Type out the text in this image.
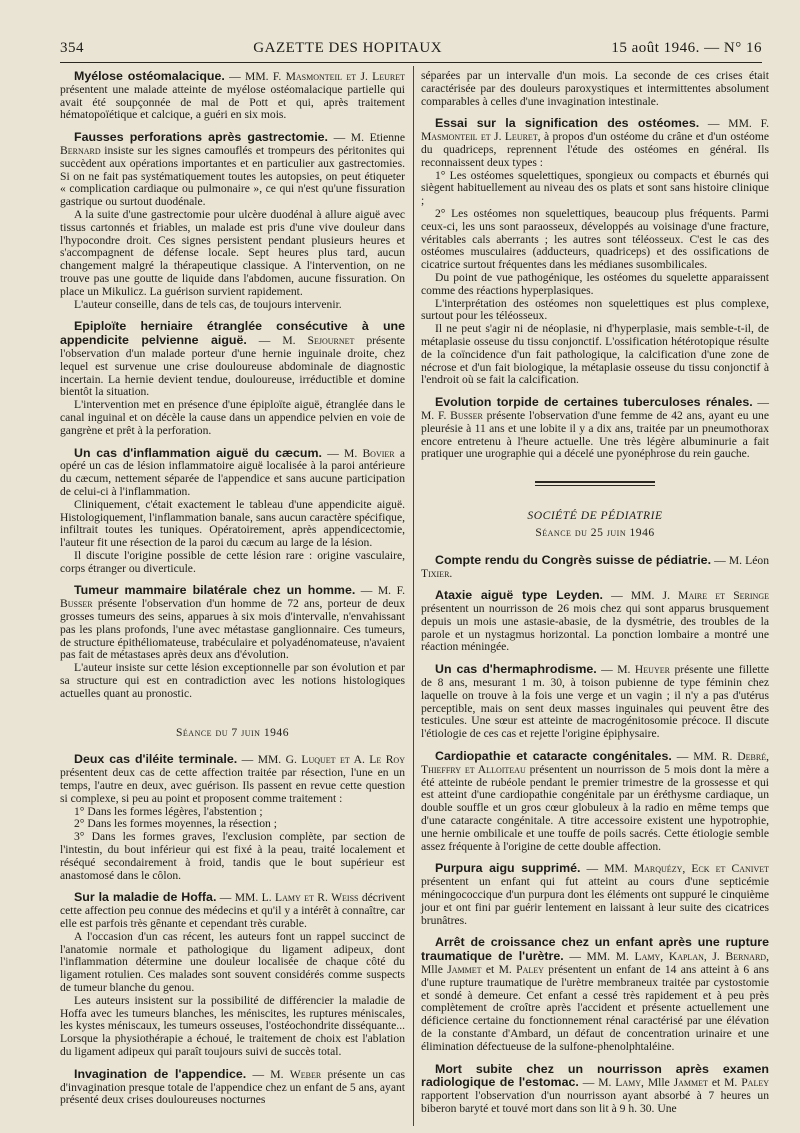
354	GAZETTE DES HOPITAUX	15 août 1946. — N° 16

Myélose ostéomalacique. — MM. F. Masmonteil et J. Leuret présentent une malade atteinte de myélose ostéomalacique partielle qui avait été soupçonnée de mal de Pott et qui, après traitement hématopoïétique et calcique, a guéri en six mois.

Fausses perforations après gastrectomie. — M. Etienne Bernard insiste sur les signes camouflés et trompeurs des péritonites qui succèdent aux opérations importantes et en particulier aux gastrectomies. Si on ne fait pas systématiquement toutes les autopsies, on peut étiqueter « complication cardiaque ou pulmonaire », ce qui n'est qu'une fissuration gastrique ou surtout duodénale.

A la suite d'une gastrectomie pour ulcère duodénal à allure aiguë avec tissus cartonnés et friables, un malade est pris d'une vive douleur dans l'hypocondre droit. Ces signes persistent pendant plusieurs heures et s'accompagnent de défense locale. Sept heures plus tard, aucun changement malgré la thérapeutique classique. A l'intervention, on ne trouve pas une goutte de liquide dans l'abdomen, aucune fissuration. On place un Mikulicz. La guérison survient rapidement.

L'auteur conseille, dans de tels cas, de toujours intervenir.

Epiploïte herniaire étranglée consécutive à une appendicite pelvienne aiguë. — M. Sejournet présente l'observation d'un malade porteur d'une hernie inguinale droite, chez lequel est survenue une crise douloureuse abdominale de diagnostic incertain. La hernie devient tendue, douloureuse, irréductible et domine bientôt la situation.

L'intervention met en présence d'une épiploïte aiguë, étranglée dans le canal inguinal et on décèle la cause dans un appendice pelvien en voie de gangrène et prêt à la perforation.

Un cas d'inflammation aiguë du cæcum. — M. Bovier a opéré un cas de lésion inflammatoire aiguë localisée à la paroi antérieure du cæcum, nettement séparée de l'appendice et sans aucune participation de celui-ci à l'inflammation.

Cliniquement, c'était exactement le tableau d'une appendicite aiguë. Histologiquement, l'inflammation banale, sans aucun caractère spécifique, infiltrait toutes les tuniques. Opératoirement, après appendicectomie, l'auteur fit une résection de la paroi du cæcum au large de la lésion.

Il discute l'origine possible de cette lésion rare : origine vasculaire, corps étranger ou diverticule.

Tumeur mammaire bilatérale chez un homme. — M. F. Busser présente l'observation d'un homme de 72 ans, porteur de deux grosses tumeurs des seins, apparues à six mois d'intervalle, n'envahissant pas les plans profonds, l'une avec métastase ganglionnaire. Ces tumeurs, de structure épithéliomateuse, trabéculaire et polyadénomateuse, n'avaient pas fait de métastases après deux ans d'évolution.

L'auteur insiste sur cette lésion exceptionnelle par son évolution et par sa structure qui est en contradiction avec les notions histologiques actuelles quant au pronostic.

Séance du 7 juin 1946

Deux cas d'iléite terminale. — MM. G. Luquet et A. Le Roy présentent deux cas de cette affection traitée par résection, l'une en un temps, l'autre en deux, avec guérison. Ils passent en revue cette question si complexe, si peu au point et proposent comme traitement :

1° Dans les formes légères, l'abstention ;

2° Dans les formes moyennes, la résection ;

3° Dans les formes graves, l'exclusion complète, par section de l'intestin, du bout inférieur qui est fixé à la peau, traité localement et réséqué secondairement à froid, tandis que le bout supérieur est anastomosé dans le côlon.

Sur la maladie de Hoffa. — MM. L. Lamy et R. Weiss décrivent cette affection peu connue des médecins et qu'il y a intérêt à connaître, car elle est parfois très gênante et cependant très curable.

A l'occasion d'un cas récent, les auteurs font un rappel succinct de l'anatomie normale et pathologique du ligament adipeux, dont l'inflammation détermine une douleur localisée de chaque côté du ligament rotulien. Ces malades sont souvent considérés comme suspects de tumeur blanche du genou.

Les auteurs insistent sur la possibilité de différencier la maladie de Hoffa avec les tumeurs blanches, les méniscites, les ruptures méniscales, les kystes méniscaux, les tumeurs osseuses, l'ostéochondrite disséquante... Lorsque la physiothérapie a échoué, le traitement de choix est l'ablation du ligament adipeux qui paraît toujours suivi de succès total.

Invagination de l'appendice. — M. Weber présente un cas d'invagination presque totale de l'appendice chez un enfant de 5 ans, ayant présenté deux crises douloureuses nocturnes

séparées par un intervalle d'un mois. La seconde de ces crises était caractérisée par des douleurs paroxystiques et intermittentes absolument comparables à celles d'une invagination intestinale.

Essai sur la signification des ostéomes. — MM. F. Masmonteil et J. Leuret, à propos d'un ostéome du crâne et d'un ostéome du quadriceps, reprennent l'étude des ostéomes en général. Ils reconnaissent deux types :

1° Les ostéomes squelettiques, spongieux ou compacts et éburnés qui siègent habituellement au niveau des os plats et sont sans histoire clinique ;

2° Les ostéomes non squelettiques, beaucoup plus fréquents. Parmi ceux-ci, les uns sont paraosseux, développés au voisinage d'une fracture, véritables cals aberrants ; les autres sont téléosseux. C'est le cas des ostéomes musculaires (adducteurs, quadriceps) et des ossifications de cicatrice surtout fréquentes dans les médianes susombilicales.

Du point de vue pathogénique, les ostéomes du squelette apparaissent comme des réactions hyperplasiques.

L'interprétation des ostéomes non squelettiques est plus complexe, surtout pour les téléosseux.

Il ne peut s'agir ni de néoplasie, ni d'hyperplasie, mais semble-t-il, de métaplasie osseuse du tissu conjonctif. L'ossification hétérotopique résulte de la coïncidence d'un fait pathologique, la calcification d'une zone de nécrose et d'un fait biologique, la métaplasie osseuse du tissu conjonctif à l'endroit où se fait la calcification.

Evolution torpide de certaines tuberculoses rénales. — M. F. Busser présente l'observation d'une femme de 42 ans, ayant eu une pleurésie à 11 ans et une lobite il y a dix ans, traitée par un pneumothorax encore entretenu à l'heure actuelle. Une très légère albuminurie a fait pratiquer une urographie qui a décelé une pyonéphrose du rein gauche.

SOCIÉTÉ DE PÉDIATRIE
Séance du 25 juin 1946

Compte rendu du Congrès suisse de pédiatrie. — M. Léon Tixier.

Ataxie aiguë type Leyden. — MM. J. Maire et Seringe présentent un nourrisson de 26 mois chez qui sont apparus brusquement depuis un mois une astasie-abasie, de la dysmétrie, des troubles de la parole et un nystagmus horizontal. La ponction lombaire a montré une réaction méningée.

Un cas d'hermaphrodisme. — M. Heuyer présente une fillette de 8 ans, mesurant 1 m. 30, à toison pubienne de type féminin chez laquelle on trouve à la fois une verge et un vagin ; il n'y a pas d'utérus perceptible, mais on sent deux masses inguinales qui peuvent être des testicules. Une sœur est atteinte de macrogénitosomie précoce. Il discute l'étiologie de ces cas et rejette l'origine épiphysaire.

Cardiopathie et cataracte congénitales. — MM. R. Debré, Thieffry et Alloiteau présentent un nourrisson de 5 mois dont la mère a été atteinte de rubéole pendant le premier trimestre de la grossesse et qui est atteint d'une cardiopathie congénitale par un éréthysme cardiaque, un double souffle et un gros cœur globuleux à la radio en même temps que d'une cataracte congénitale. A titre accessoire existent une hypotrophie, une hernie ombilicale et une touffe de poils sacrés. Cette étiologie semble assez fréquente à l'origine de cette double affection.

Purpura aigu supprimé. — MM. Marquézy, Eck et Canivet présentent un enfant qui fut atteint au cours d'une septicémie méningococcique d'un purpura dont les éléments ont suppuré le cinquième jour et ont fini par guérir lentement en laissant à leur suite des cicatrices brunâtres.

Arrêt de croissance chez un enfant après une rupture traumatique de l'urètre. — MM. M. Lamy, Kaplan, J. Bernard, Mlle Jammet et M. Paley présentent un enfant de 14 ans atteint à 6 ans d'une rupture traumatique de l'urètre membraneux traitée par cystostomie et sondé à demeure. Cet enfant a cessé très rapidement et à peu près complètement de croître après l'accident et présente actuellement une déficience certaine du fonctionnement rénal caractérisé par une élévation de la constante d'Ambard, un défaut de concentration urinaire et une élimination défectueuse de la sulfone-phenolphtaléine.

Mort subite chez un nourrisson après examen radiologique de l'estomac. — M. Lamy, Mlle Jammet et M. Paley rapportent l'observation d'un nourrisson ayant absorbé à 7 heures un biberon baryté et touvé mort dans son lit à 9 h. 30. Une
